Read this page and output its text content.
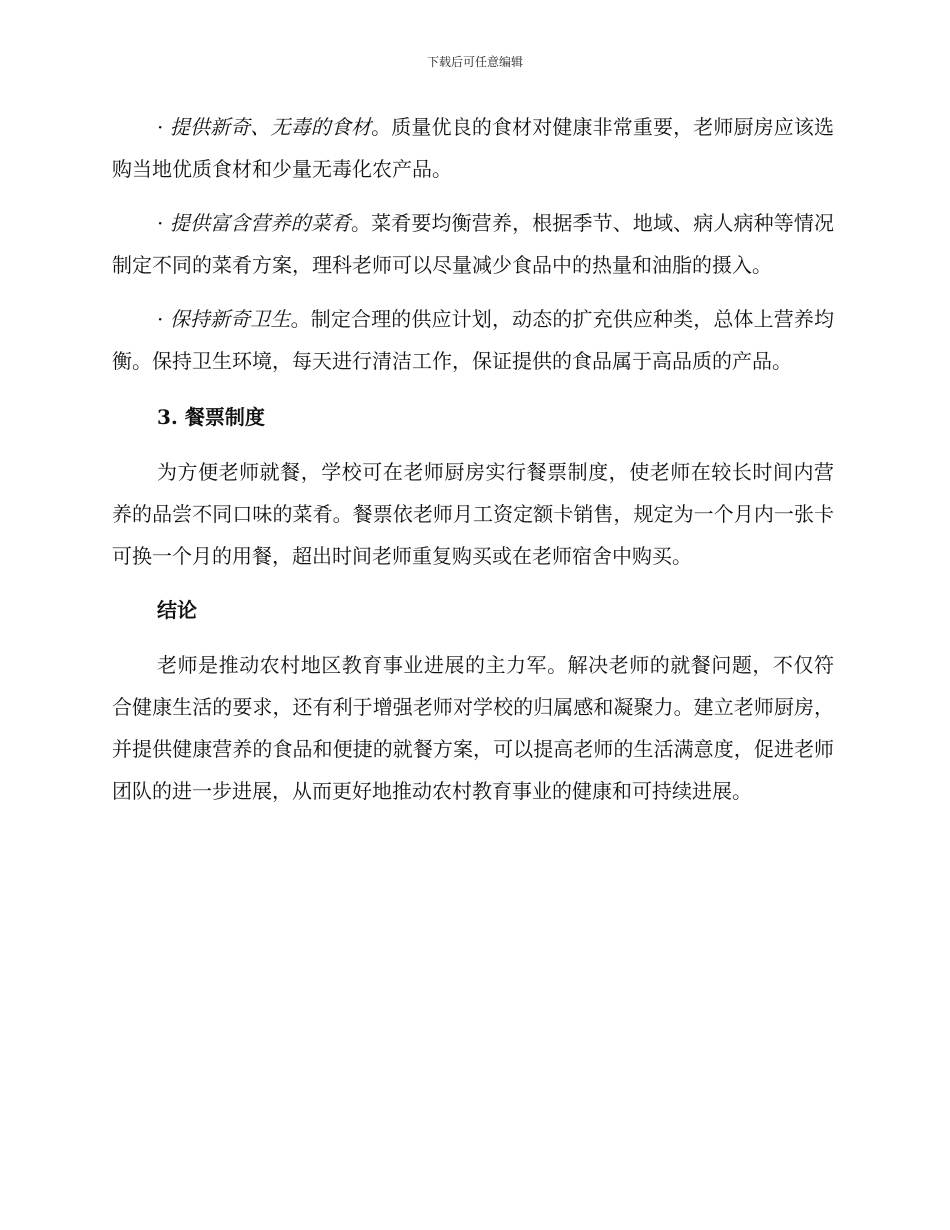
下载后可任意编辑

· 提供新奇、无毒的食材。质量优良的食材对健康非常重要，老师厨房应该选购当地优质食材和少量无毒化农产品。

· 提供富含营养的菜肴。菜肴要均衡营养，根据季节、地域、病人病种等情况制定不同的菜肴方案，理科老师可以尽量减少食品中的热量和油脂的摄入。

· 保持新奇卫生。制定合理的供应计划，动态的扩充供应种类，总体上营养均衡。保持卫生环境，每天进行清洁工作，保证提供的食品属于高品质的产品。

3. 餐票制度

为方便老师就餐，学校可在老师厨房实行餐票制度，使老师在较长时间内营养的品尝不同口味的菜肴。餐票依老师月工资定额卡销售，规定为一个月内一张卡可换一个月的用餐，超出时间老师重复购买或在老师宿舍中购买。

结论

老师是推动农村地区教育事业进展的主力军。解决老师的就餐问题，不仅符合健康生活的要求，还有利于增强老师对学校的归属感和凝聚力。建立老师厨房，并提供健康营养的食品和便捷的就餐方案，可以提高老师的生活满意度，促进老师团队的进一步进展，从而更好地推动农村教育事业的健康和可持续进展。
